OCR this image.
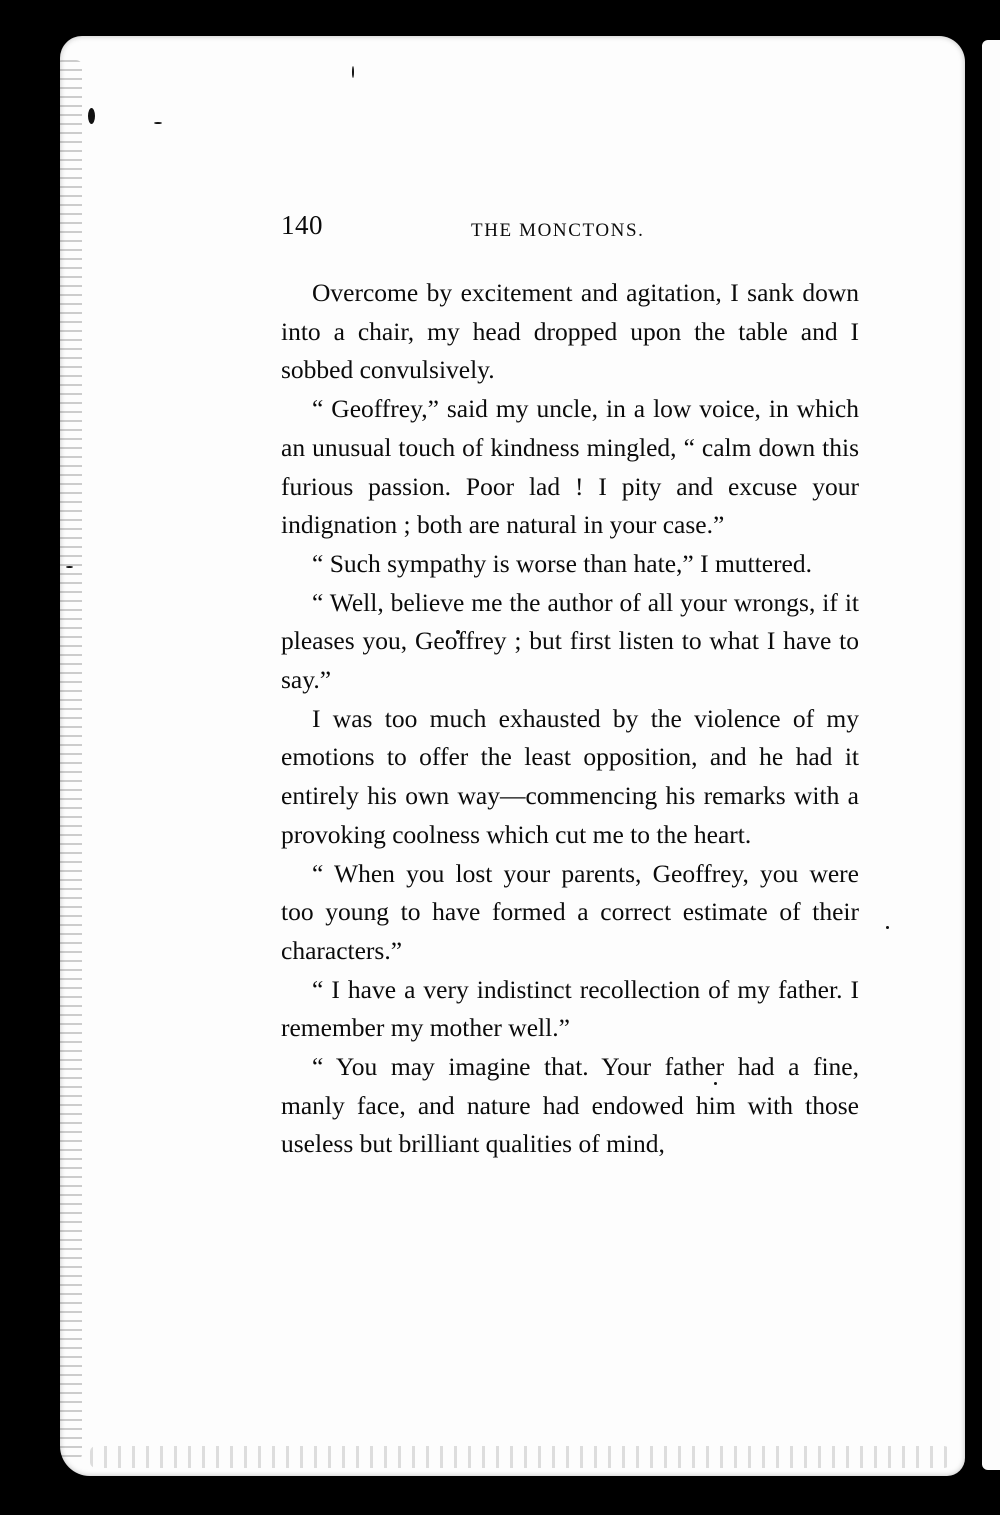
140	THE MONCTONS.

Overcome by excitement and agitation, I sank down into a chair, my head dropped upon the table and I sobbed convulsively.

“ Geoffrey,” said my uncle, in a low voice, in which an unusual touch of kindness mingled, “ calm down this furious passion. Poor lad ! I pity and excuse your indignation ; both are natural in your case.”

“ Such sympathy is worse than hate,” I muttered.

“ Well, believe me the author of all your wrongs, if it pleases you, Geoffrey ; but first listen to what I have to say.”

I was too much exhausted by the violence of my emotions to offer the least opposition, and he had it entirely his own way—commencing his remarks with a provoking coolness which cut me to the heart.

“ When you lost your parents, Geoffrey, you were too young to have formed a correct estimate of their characters.”

“ I have a very indistinct recollection of my father. I remember my mother well.”

“ You may imagine that. Your father had a fine, manly face, and nature had endowed him with those useless but brilliant qualities of mind,
